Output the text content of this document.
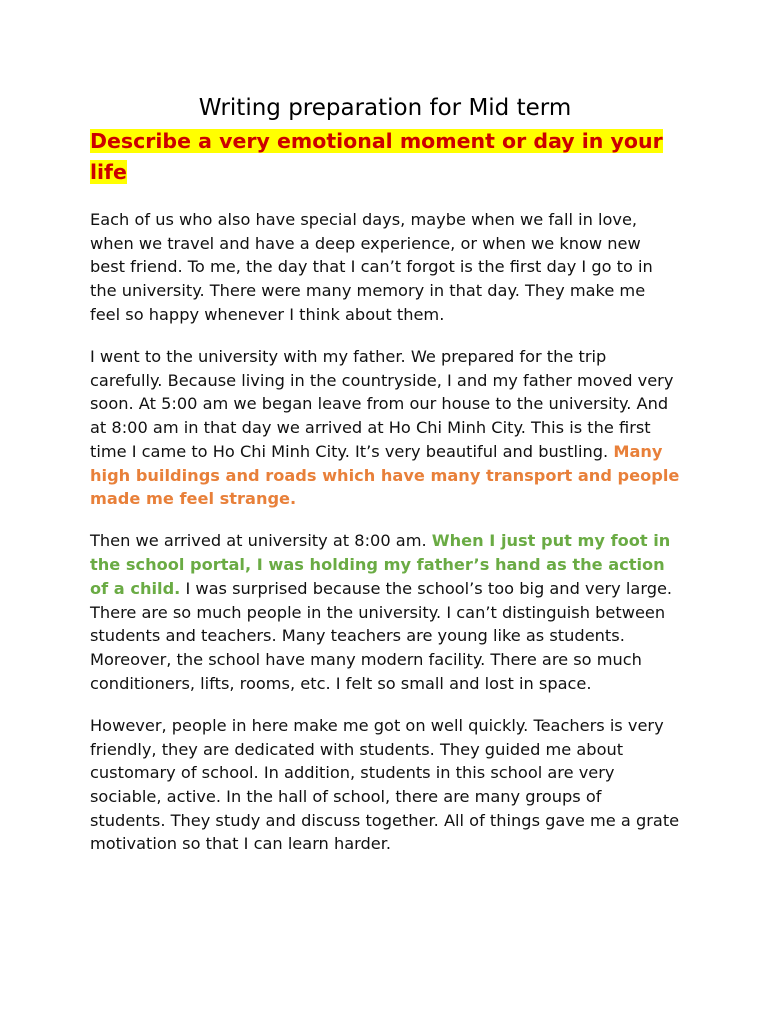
Writing preparation for Mid term
Describe a very emotional moment or day in your life

Each of us who also have special days, maybe when we fall in love, when we travel and have a deep experience, or when we know new best friend. To me, the day that I can’t forgot is the first day I go to in the university. There were many memory in that day. They make me feel so happy whenever I think about them.

I went to the university with my father. We prepared for the trip carefully. Because living in the countryside, I and my father moved very soon. At 5:00 am we began leave from our house to the university. And at 8:00 am in that day we arrived at Ho Chi Minh City. This is the first time I came to Ho Chi Minh City. It’s very beautiful and bustling. Many high buildings and roads which have many transport and people made me feel strange.

Then we arrived at university at 8:00 am. When I just put my foot in the school portal, I was holding my father’s hand as the action of a child. I was surprised because the school’s too big and very large. There are so much people in the university. I can’t distinguish between students and teachers. Many teachers are young like as students. Moreover, the school have many modern facility. There are so much conditioners, lifts, rooms, etc. I felt so small and lost in space.

However, people in here make me got on well quickly. Teachers is very friendly, they are dedicated with students. They guided me about customary of school. In addition, students in this school are very sociable, active. In the hall of school, there are many groups of students. They study and discuss together. All of things gave me a grate motivation so that I can learn harder.
